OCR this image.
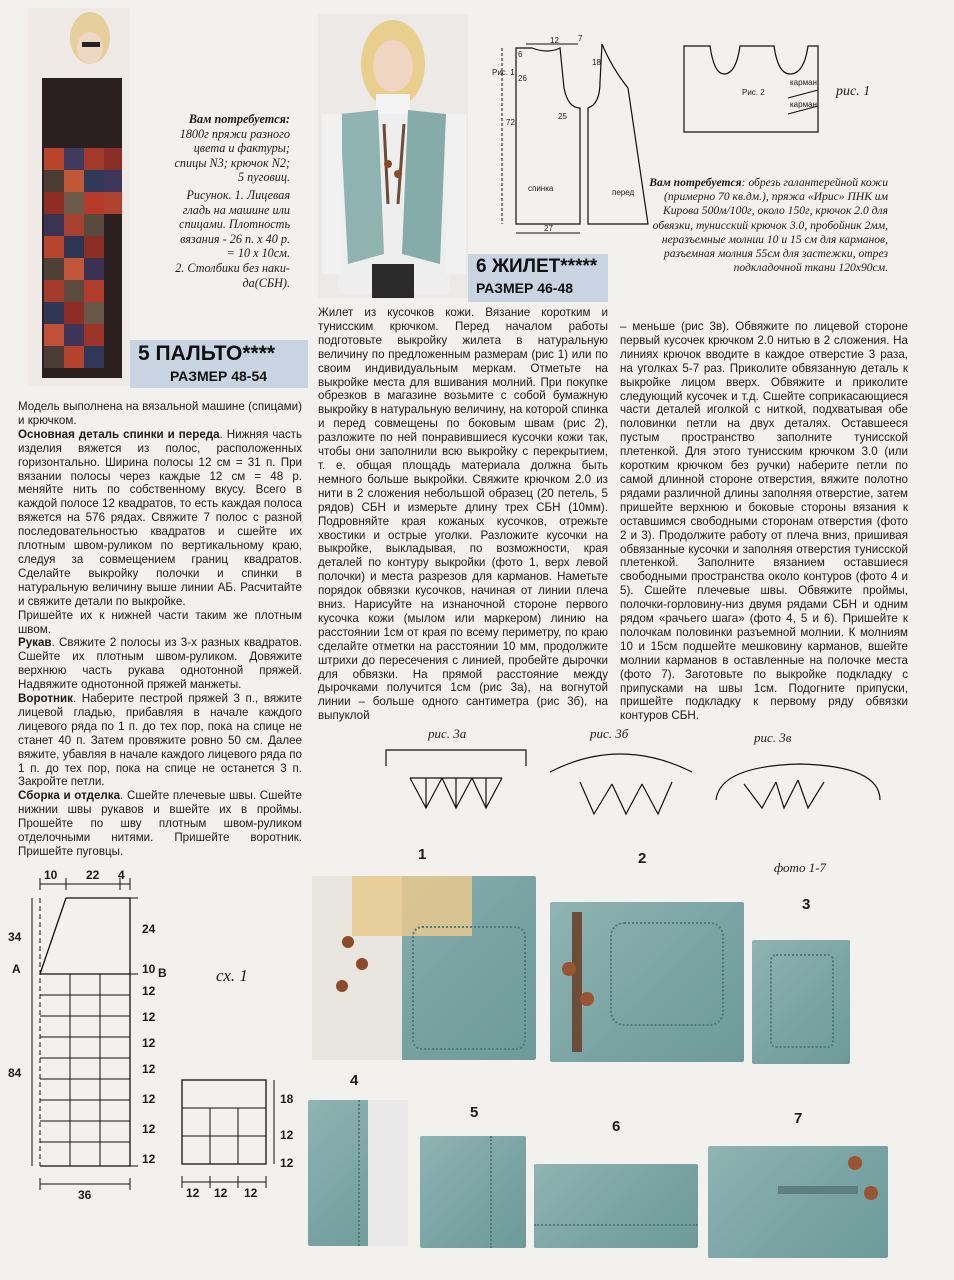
Вам потребуется:
1800г пряжи разного
цвета и фактуры;
спицы N3; крючок N2;
5 пуговиц.
Рисунок. 1. Лицевая
гладь на машине или
спицами. Плотность
вязания - 26 п. х 40 р.
= 10 х 10см.
2. Столбики без наки-
да(СБН).
5 ПАЛЬТО****
РАЗМЕР 48-54

Модель выполнена на вязальной машине (спицами) и крючком.

Основная деталь спинки и переда. Нижняя часть изделия вяжется из полос, расположенных горизонтально. Ширина полосы 12 см = 31 п. При вязании полосы через каждые 12 см = 48 р. меняйте нить по собственному вкусу. Всего в каждой полосе 12 квадратов, то есть каждая полоса вяжется на 576 рядах. Свяжите 7 полос с разной последовательностью квадратов и сшейте их плотным швом-руликом по вертикальному краю, следуя за совмещением границ квадратов. Сделайте выкройку полочки и спинки в натуральную величину выше линии АБ. Расчитайте и свяжите детали по выкройке.

Пришейте их к нижней части таким же плотным швом.

Рукав. Свяжите 2 полосы из 3-х разных квадратов. Сшейте их плотным швом-руликом. Довяжите верхнюю часть рукава однотонной пряжей. Надвяжите однотонной пряжей манжеты.

Воротник. Наберите пестрой пряжей 3 п., вяжите лицевой гладью, прибавляя в начале каждого лицевого ряда по 1 п. до тех пор, пока на спице не станет 40 п. Затем провяжите ровно 50 см. Далее вяжите, убавляя в начале каждого лицевого ряда по 1 п. до тех пор, пока на спице не останется 3 п. Закройте петли.

Сборка и отделка. Сшейте плечевые швы. Сшейте нижнии швы рукавов и вшейте их в проймы. Прошейте по шву плотным швом-руликом отделочными нитями. Пришейте воротник. Пришейте пуговцы.

10 22 4
34
А
84
24
10 В
12
12
12
12
12
12
12
36
сх. 1
18
12
12
12 12 12
Рис. 1
Рис. 2
спинка	перед
карман
карман
12 7
6
26
18
72
25
27
рис. 1
Вам потребуется: обрезь галантерейной кожи (примерно 70 кв.дм.), пряжа «Ирис» ПНК им Кирова 500м/100г, около 150г, крючок 2.0 для обвязки, тунисский крючок 3.0, пробойник 2мм, неразъемные молнии 10 и 15 см для карманов, разъемная молния 55см для застежки, отрез подкладочной ткани 120х90см.
6 ЖИЛЕТ*****
РАЗМЕР 46-48
Жилет из кусочков кожи. Вязание коротким и тунисским крючком. Перед началом работы подготовьте выкройку жилета в натуральную величину по предложенным размерам (рис 1) или по своим индивидуальным меркам. Отметьте на выкройке места для вшивания молний. При покупке обрезков в магазине возьмите с собой бумажную выкройку в натуральную величину, на которой спинка и перед совмещены по боковым швам (рис 2), разложите по ней понравившиеся кусочки кожи так, чтобы они заполнили всю выкройку с перекрытием, т. е. общая площадь материала должна быть немного больше выкройки. Свяжите крючком 2.0 из нити в 2 сложения небольшой образец (20 петель, 5 рядов) СБН и измерьте длину трех СБН (10мм). Подровняйте края кожаных кусочков, отрежьте хвостики и острые уголки. Разложите кусочки на выкройке, выкладывая, по возможности, края деталей по контуру выкройки (фото 1, верх левой полочки) и места разрезов для карманов. Наметьте порядок обвязки кусочков, начиная от линии плеча вниз. Нарисуйте на изнаночной стороне первого кусочка кожи (мылом или маркером) линию на расстоянии 1см от края по всему периметру, по краю сделайте отметки на расстоянии 10 мм, продолжите штрихи до пересечения с линией, пробейте дырочки для обвязки. На прямой расстояние между дырочками получится 1см (рис 3а), на вогнутой линии – больше одного сантиметра (рис 3б), на выпуклой
– меньше (рис 3в). Обвяжите по лицевой стороне первый кусочек крючком 2.0 нитью в 2 сложения. На линиях крючок вводите в каждое отверстие 3 раза, на уголках 5-7 раз. Приколите обвязанную деталь к выкройке лицом вверх. Обвяжите и приколите следующий кусочек и т.д. Сшейте соприкасающиеся части деталей иголкой с ниткой, подхватывая обе половинки петли на двух деталях. Оставшееся пустым пространство заполните тунисской плетенкой. Для этого тунисским крючком 3.0 (или коротким крючком без ручки) наберите петли по самой длинной стороне отверстия, вяжите полотно рядами различной длины заполняя отверстие, затем пришейте верхнюю и боковые стороны вязания к оставшимся свободными сторонам отверстия (фото 2 и 3). Продолжите работу от плеча вниз, пришивая обвязанные кусочки и заполняя отверстия тунисской плетенкой. Заполните вязанием оставшиеся свободными пространства около контуров (фото 4 и 5). Сшейте плечевые швы. Обвяжите проймы, полочки-горловину-низ двумя рядами СБН и одним рядом «рачьего шага» (фото 4, 5 и 6). Пришейте к полочкам половинки разъемной молнии. К молниям 10 и 15см подшейте мешковину карманов, вшейте молнии карманов в оставленные на полочке места (фото 7). Заготовьте по выкройке подкладку с припусками на швы 1см. Подогните припуски, пришейте подкладку к первому ряду обвязки контуров СБН.
рис. 3а	рис. 3б	рис. 3в
1	2
фото 1-7
3
4
5
6	7
